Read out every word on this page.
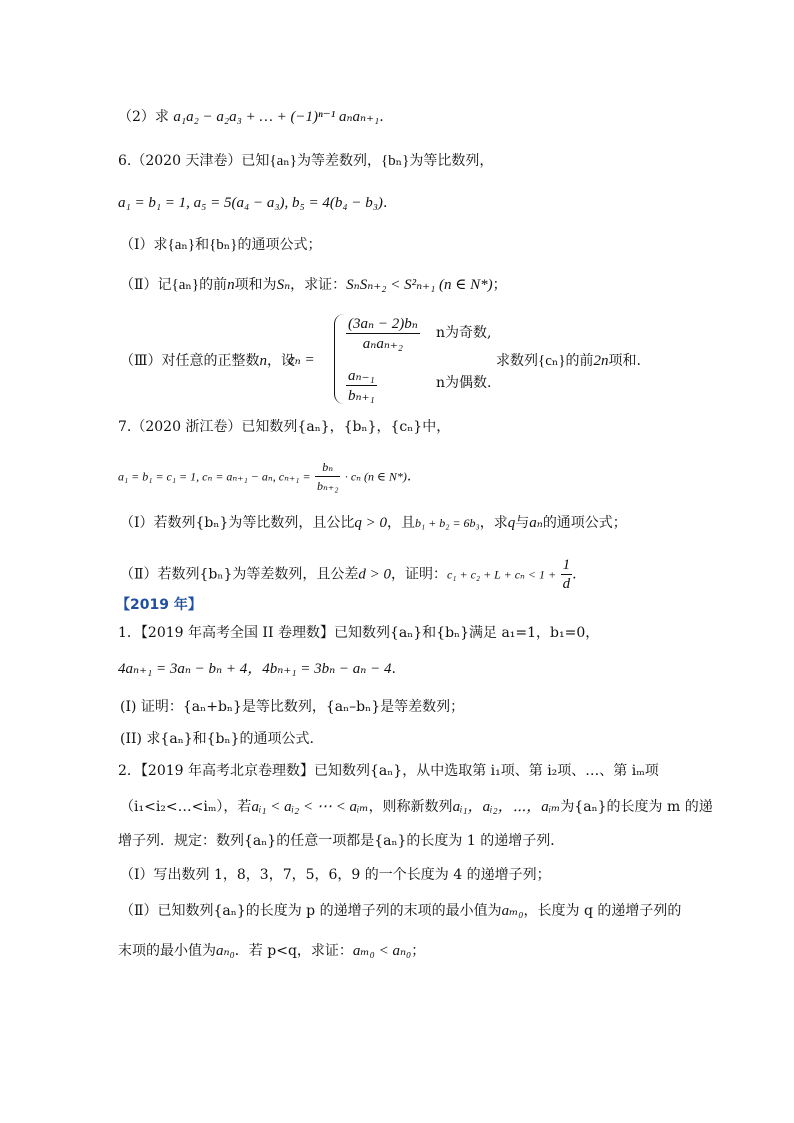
（2）求 a₁a₂ − a₂a₃ + … + (−1)ⁿ⁻¹ aₙaₙ₊₁.
6.（2020 天津卷）已知{aₙ}为等差数列，{bₙ}为等比数列，
a₁ = b₁ = 1, a₅ = 5(a₄ − a₃), b₅ = 4(b₄ − b₃).
（Ⅰ）求{aₙ}和{bₙ}的通项公式；
（Ⅱ）记{aₙ}的前n项和为Sₙ，求证：SₙSₙ₊₂ < S²ₙ₊₁ (n ∈ N*)；
（Ⅲ）对任意的正整数n，设
cₙ =
$\frac{\text{(3aₙ − 2)bₙ}}{\text{aₙaₙ₊₂}}$ n为奇数,
$\frac{\text{aₙ₋₁}}{\text{bₙ₊₁}}$	n为偶数.
求数列{cₙ}的前2n项和.
7.（2020 浙江卷）已知数列{aₙ}，{bₙ}，{cₙ}中，
a₁ = b₁ = c₁ = 1, cₙ = aₙ₊₁ − aₙ, $c_{n+1} = \frac{\text{bₙ}}{\text{bₙ₊₂}} \cdot c_n$ (n ∈ N*).
（Ⅰ）若数列{bₙ}为等比数列，且公比q > 0，且b₁ + b₂ = 6b₃，求q与aₙ的通项公式；
（Ⅱ）若数列{bₙ}为等差数列，且公差d > 0，证明：$c_1 + c_2 + L + c_n < 1 + \frac{1}{d}$ .
【2019 年】
1．【2019 年高考全国 II 卷理数】已知数列{aₙ}和{bₙ}满足 a₁=1，b₁=0，
4aₙ₊₁ = 3aₙ − bₙ + 4，4bₙ₊₁ = 3bₙ − aₙ − 4.
(I) 证明：{aₙ+bₙ}是等比数列，{aₙ–bₙ}是等差数列；
(II) 求{aₙ}和{bₙ}的通项公式.
2．【2019 年高考北京卷理数】已知数列{aₙ}，从中选取第 i₁项、第 i₂项、…、第 iₘ项
（i₁<i₂<…<iₘ），若aᵢ₁ < aᵢ₂ < ⋯ < aᵢₘ，则称新数列aᵢ₁，aᵢ₂，⋯，aᵢₘ为{aₙ}的长度为 m 的递
增子列．规定：数列{aₙ}的任意一项都是{aₙ}的长度为 1 的递增子列．
（Ⅰ）写出数列 1，8，3，7，5，6，9 的一个长度为 4 的递增子列；
（Ⅱ）已知数列{aₙ}的长度为 p 的递增子列的末项的最小值为aₘ₀，长度为 q 的递增子列的
末项的最小值为aₙ₀．若 p<q，求证：aₘ₀ < aₙ₀；
